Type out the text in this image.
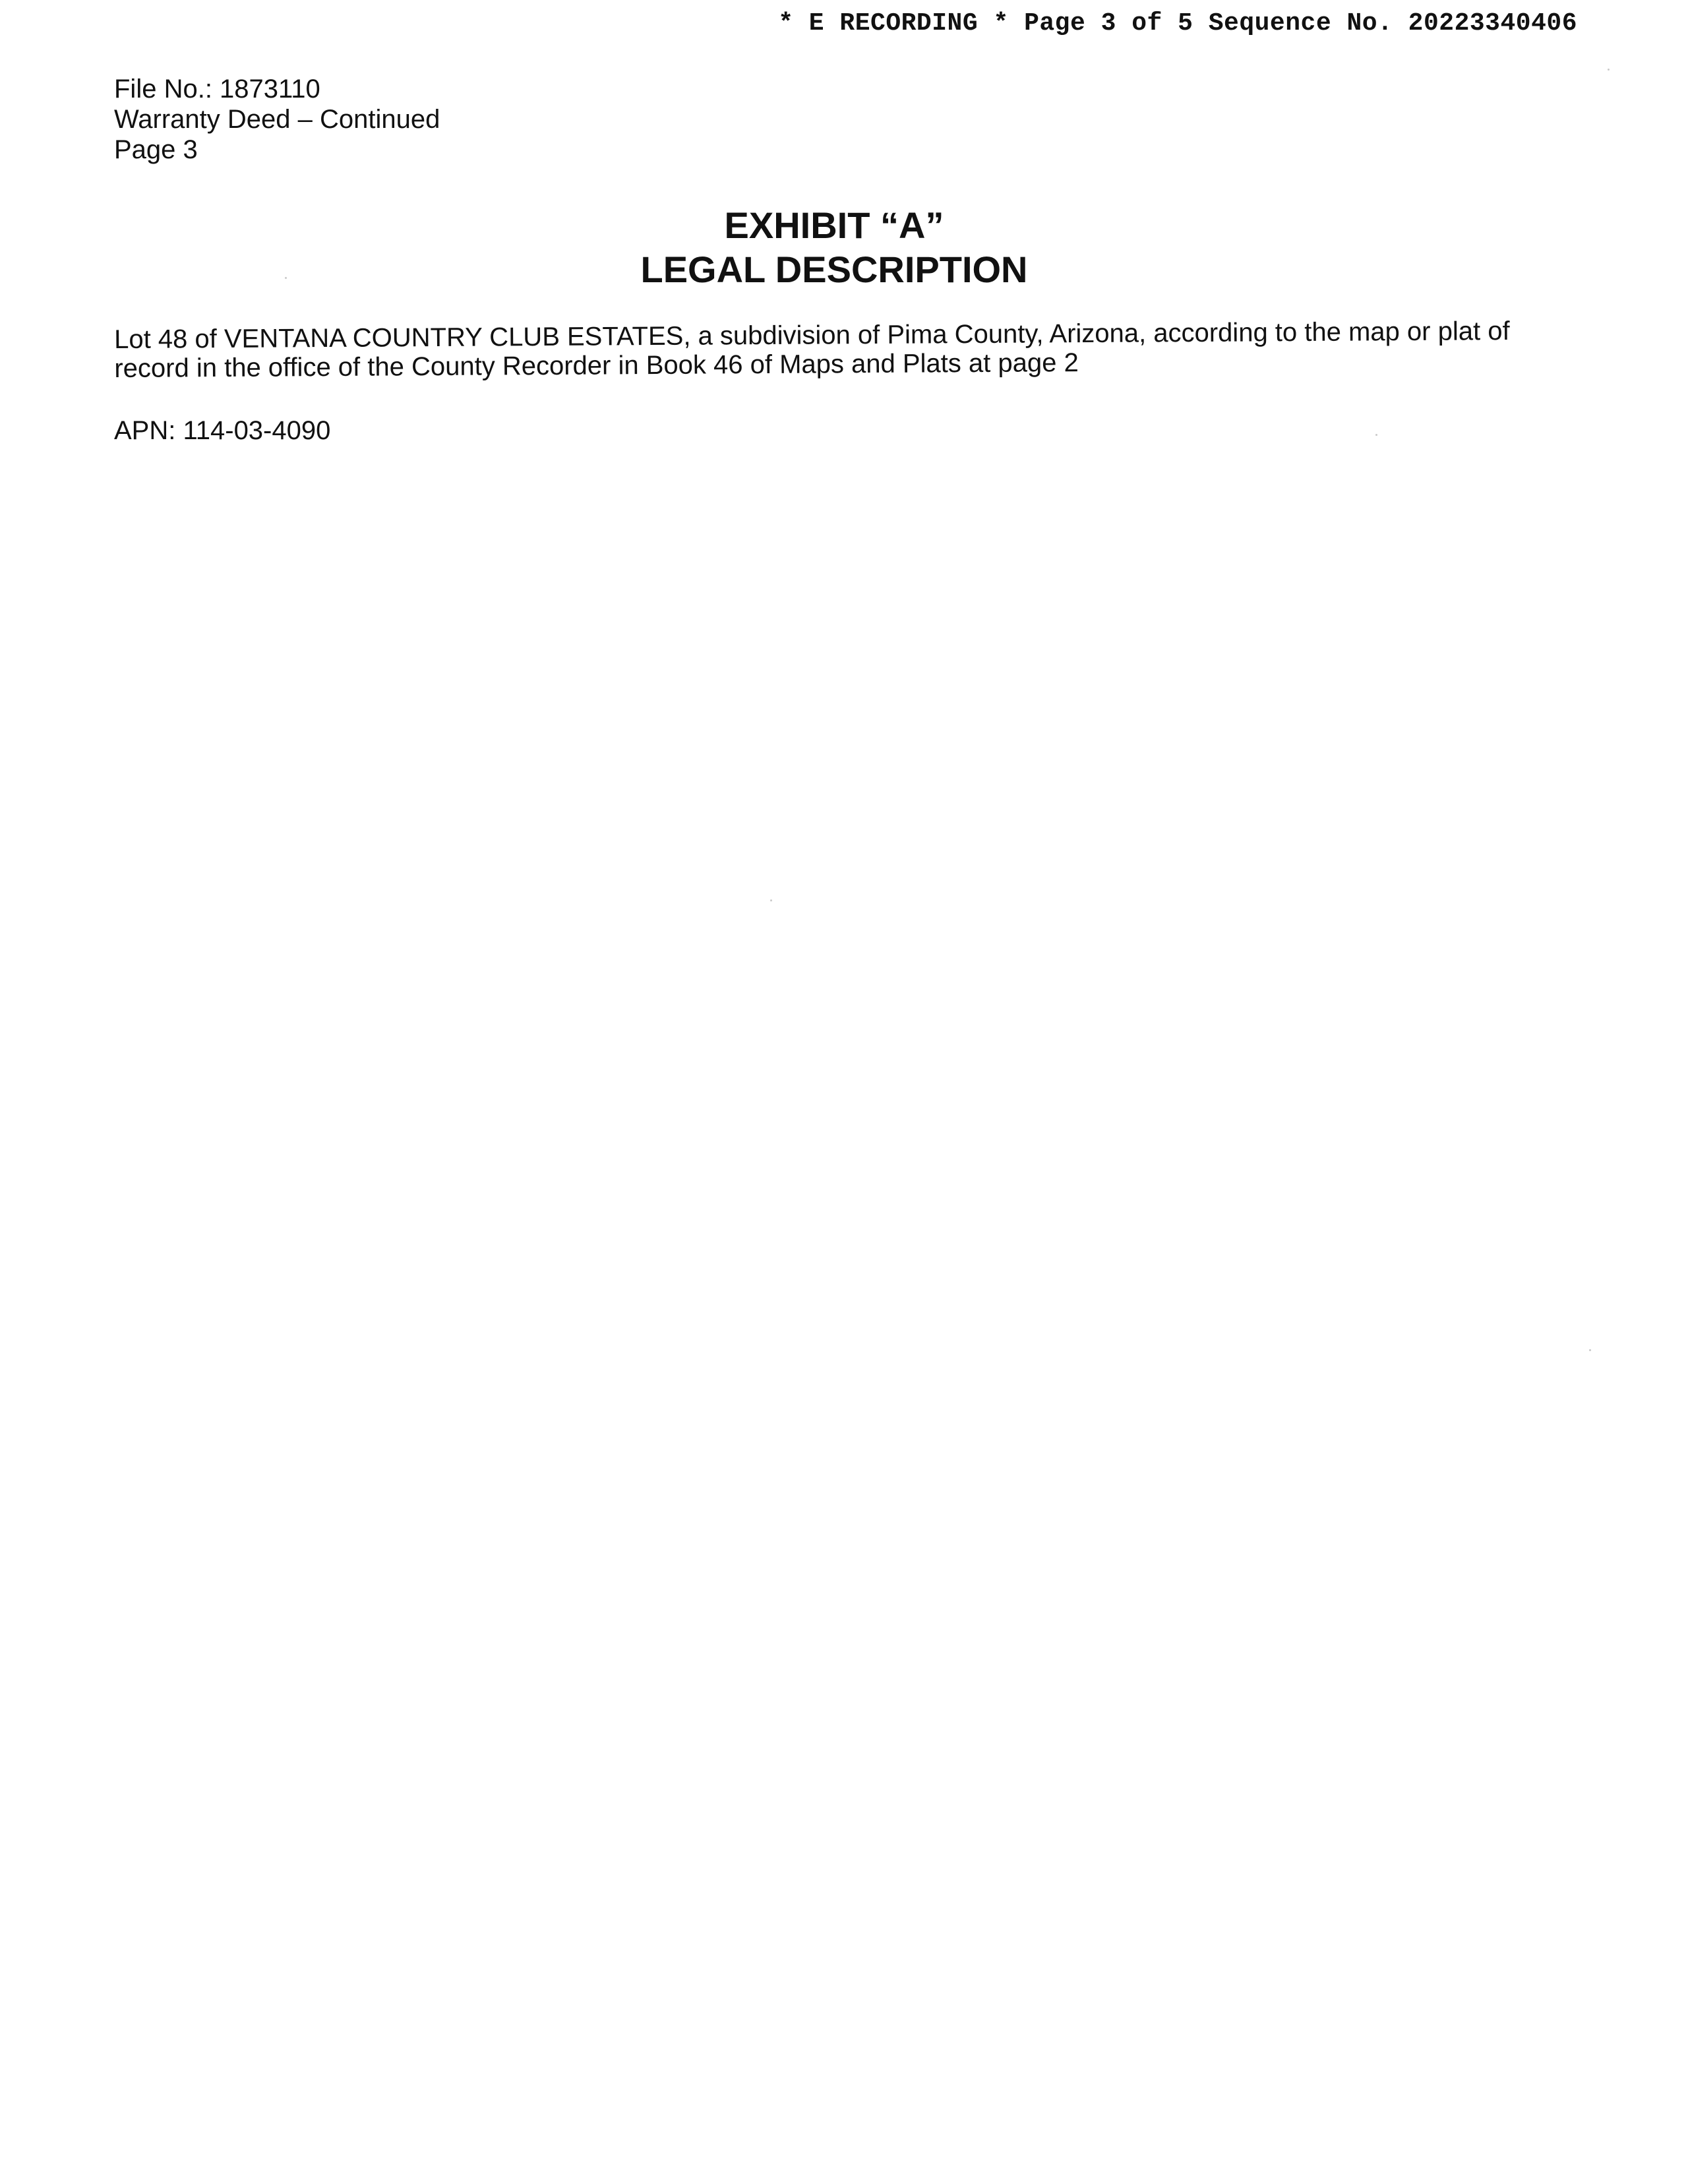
* E RECORDING * Page 3 of 5 Sequence No. 20223340406
File No.: 1873110
Warranty Deed – Continued
Page 3
EXHIBIT “A”
LEGAL DESCRIPTION
Lot 48 of VENTANA COUNTRY CLUB ESTATES, a subdivision of Pima County, Arizona, according to the map or plat of record in the office of the County Recorder in Book 46 of Maps and Plats at page 2
APN: 114-03-4090
